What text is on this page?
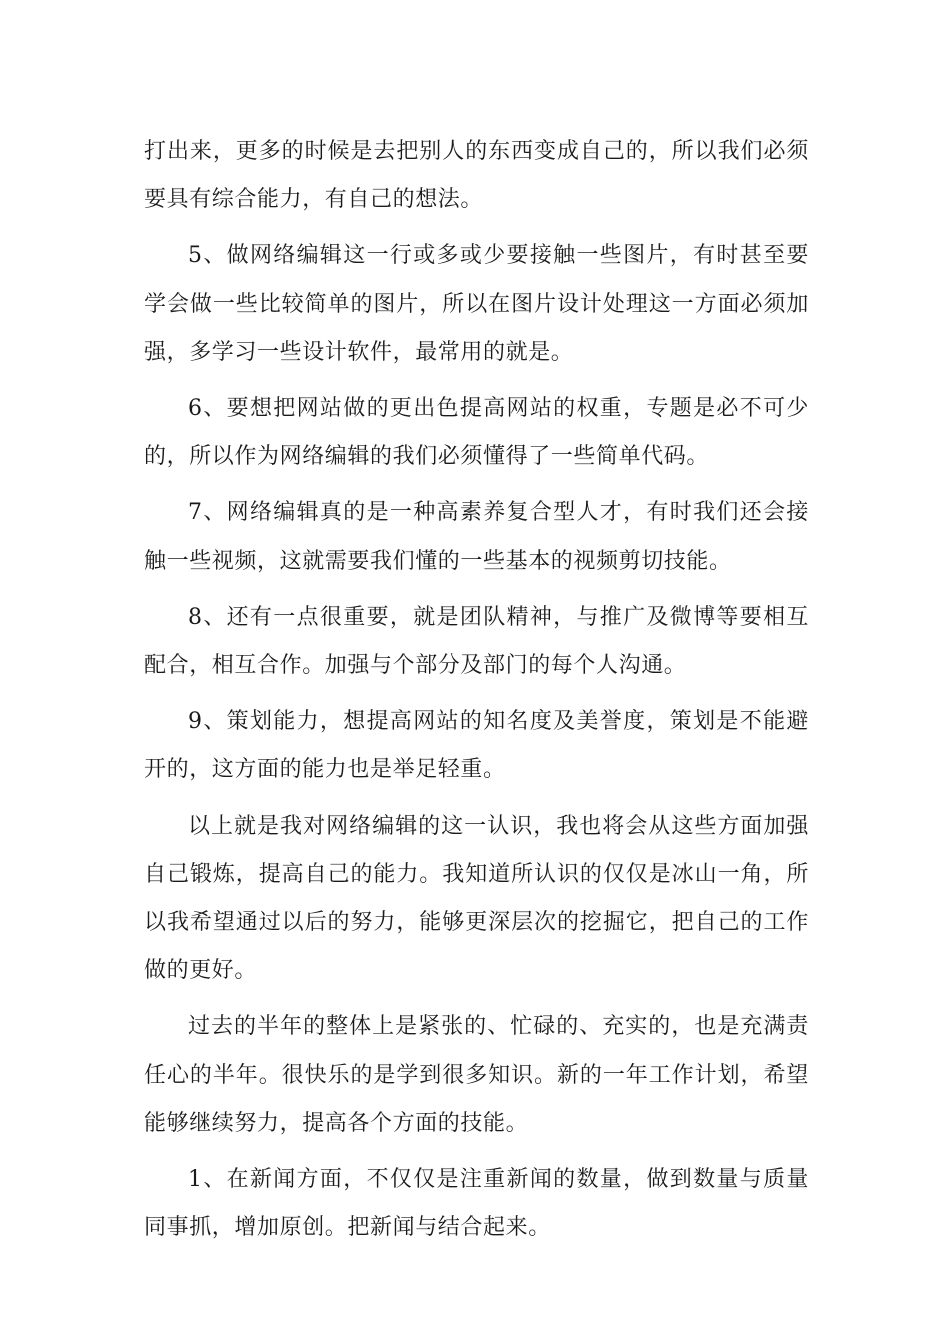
打出来，更多的时候是去把别人的东西变成自己的，所以我们必须要具有综合能力，有自己的想法。

5、做网络编辑这一行或多或少要接触一些图片，有时甚至要学会做一些比较简单的图片，所以在图片设计处理这一方面必须加强，多学习一些设计软件，最常用的就是。

6、要想把网站做的更出色提高网站的权重，专题是必不可少的，所以作为网络编辑的我们必须懂得了一些简单代码。

7、网络编辑真的是一种高素养复合型人才，有时我们还会接触一些视频，这就需要我们懂的一些基本的视频剪切技能。

8、还有一点很重要，就是团队精神，与推广及微博等要相互配合，相互合作。加强与个部分及部门的每个人沟通。

9、策划能力，想提高网站的知名度及美誉度，策划是不能避开的，这方面的能力也是举足轻重。

以上就是我对网络编辑的这一认识，我也将会从这些方面加强自己锻炼，提高自己的能力。我知道所认识的仅仅是冰山一角，所以我希望通过以后的努力，能够更深层次的挖掘它，把自己的工作做的更好。

过去的半年的整体上是紧张的、忙碌的、充实的，也是充满责任心的半年。很快乐的是学到很多知识。新的一年工作计划，希望能够继续努力，提高各个方面的技能。

1、在新闻方面，不仅仅是注重新闻的数量，做到数量与质量同事抓，增加原创。把新闻与结合起来。
